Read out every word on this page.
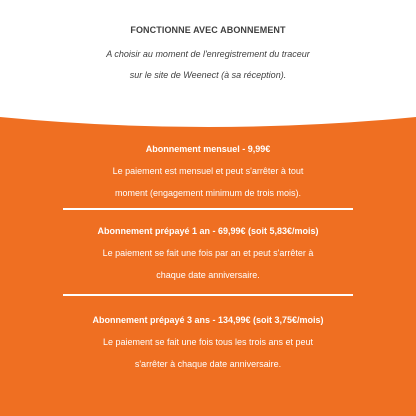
FONCTIONNE AVEC ABONNEMENT
A choisir au moment de l'enregistrement du traceur
sur le site de Weenect (à sa réception).
Abonnement mensuel - 9,99€
Le paiement est mensuel et peut s'arrêter à tout
moment (engagement minimum de trois mois).
Abonnement prépayé 1 an - 69,99€ (soit 5,83€/mois)
Le paiement se fait une fois par an et peut s'arrêter à
chaque date anniversaire.
Abonnement prépayé 3 ans - 134,99€ (soit 3,75€/mois)
Le paiement se fait une fois tous les trois ans et peut
s'arrêter à chaque date anniversaire.
